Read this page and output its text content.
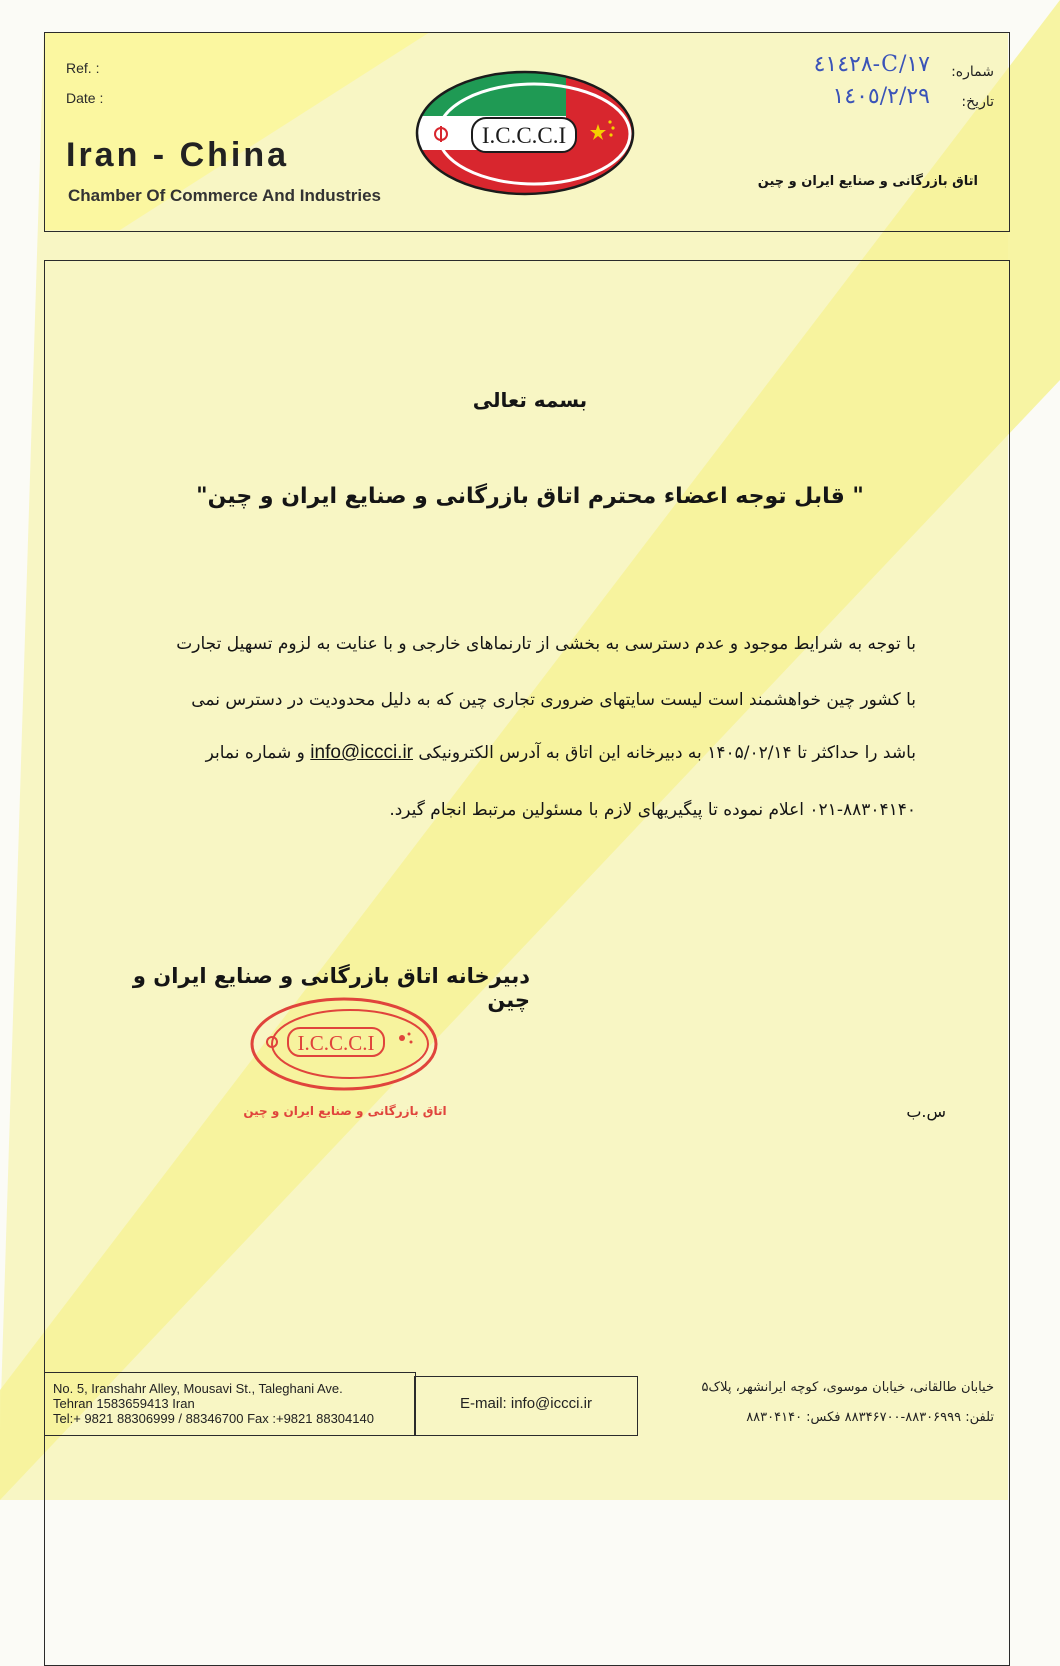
Ref. :
Date :
Iran - China
Chamber Of Commerce And Industries
I.C.C.C.I
شماره:
تاریخ:
١٧/C-٤١٤٢٨
١٤٠٥/٢/٢٩
اتاق بازرگانی و صنایع ایران و چین
بسمه تعالی
" قابل توجه اعضاء محترم اتاق بازرگانی و صنایع ایران و چین"
با توجه به شرایط موجود و عدم دسترسی به بخشی از تارنماهای خارجی و با عنایت به لزوم تسهیل تجارت
با کشور چین خواهشمند است لیست سایتهای ضروری تجاری چین که به دلیل محدودیت در دسترس نمی
باشد را حداکثر تا ۱۴۰۵/۰۲/۱۴ به دبیرخانه این اتاق به آدرس الکترونیکی info@iccci.ir و شماره نمابر
۰۲۱-۸۸۳۰۴۱۴۰ اعلام نموده تا پیگیریهای لازم با مسئولین مرتبط انجام گیرد.
دبیرخانه اتاق بازرگانی و صنایع ایران و چین
I.C.C.C.I
اتاق بازرگانی و صنایع ایران و چین	س.ب
No. 5, Iranshahr Alley, Mousavi St., Taleghani Ave.
Tehran 1583659413 Iran
Tel:+ 9821 88306999 / 88346700 Fax :+9821 88304140
E-mail: info@iccci.ir
خیابان طالقانی، خیابان موسوی، کوچه ایرانشهر، پلاک۵
تلفن: ۸۸۳۰۶۹۹۹-۸۸۳۴۶۷۰۰ فکس: ۸۸۳۰۴۱۴۰
